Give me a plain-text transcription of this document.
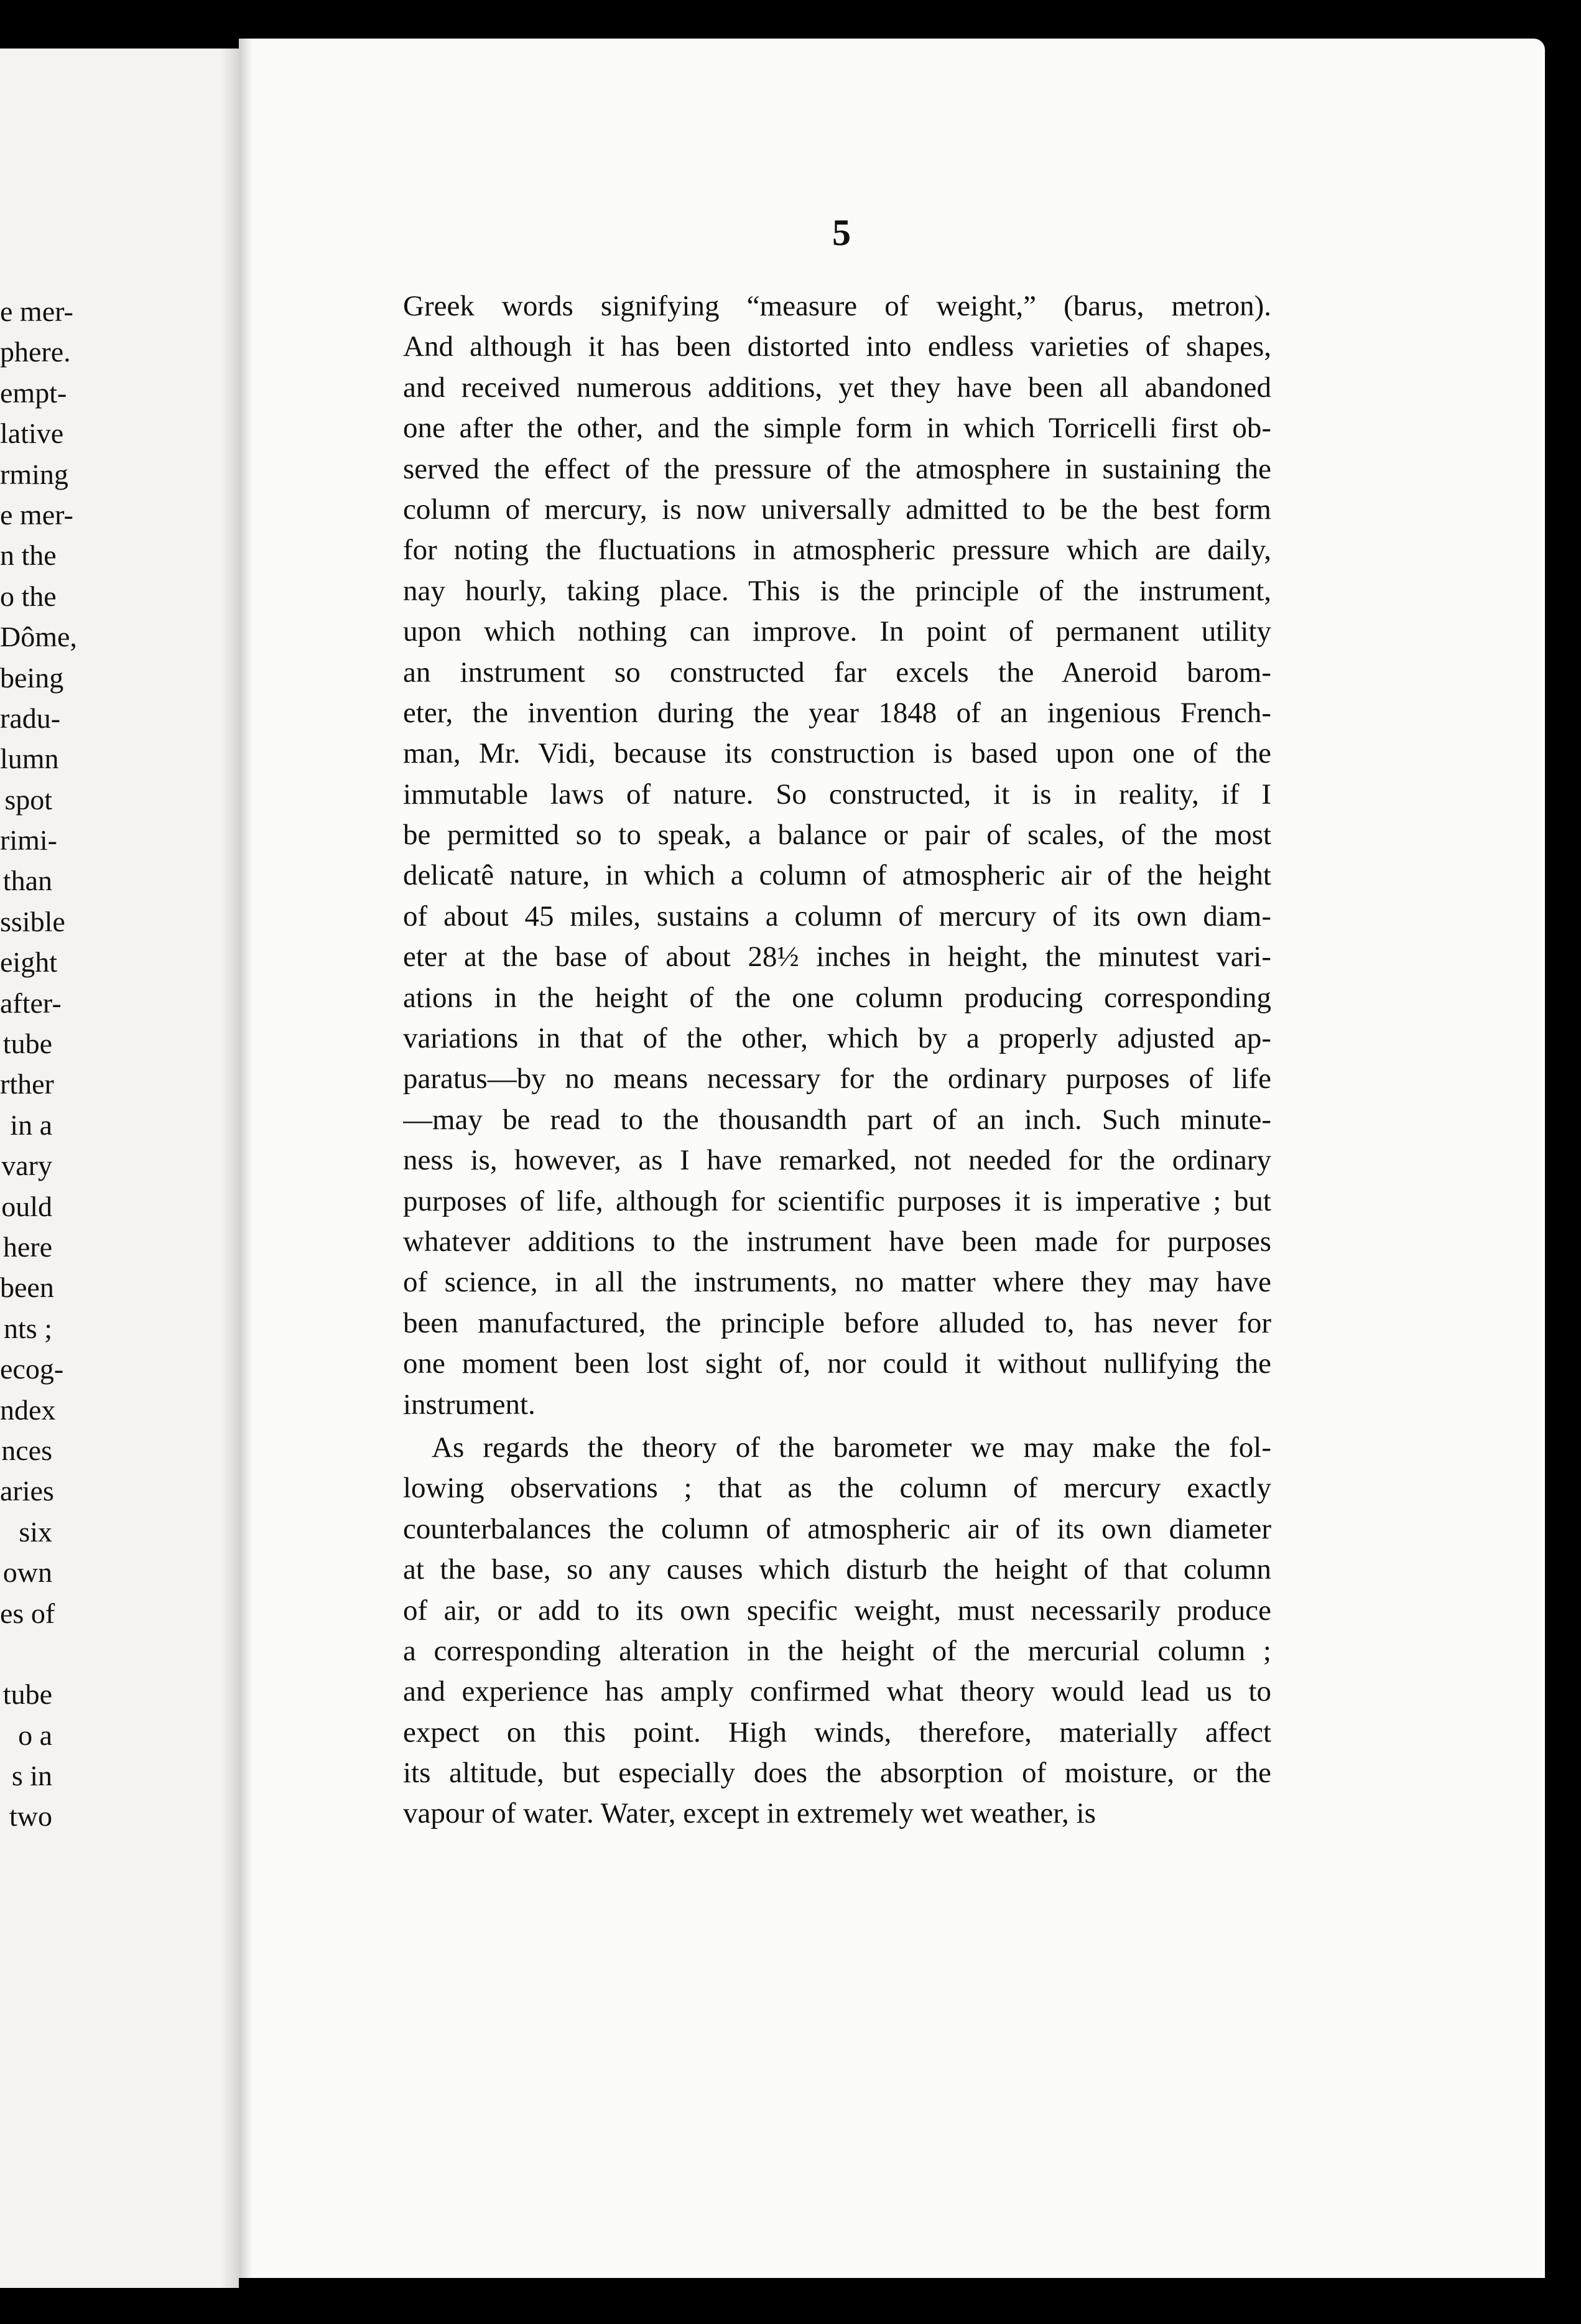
e mer-
phere.
empt-
lative
rming
e mer-
n the
o the
Dôme,
being
radu-
lumn
spot
rimi-
than
ssible
eight
after-
tube
rther
in a
vary
ould
here
been
nts ;
ecog-
ndex
nces
aries
six
own
es of
tube
o a
s in
two
5
Greek words signifying “measure of weight,” (barus, metron).
And although it has been distorted into endless varieties of shapes,
and received numerous additions, yet they have been all abandoned
one after the other, and the simple form in which Torricelli first ob-
served the effect of the pressure of the atmosphere in sustaining the
column of mercury, is now universally admitted to be the best form
for noting the fluctuations in atmospheric pressure which are daily,
nay hourly, taking place. This is the principle of the instrument,
upon which nothing can improve. In point of permanent utility
an instrument so constructed far excels the Aneroid barom-
eter, the invention during the year 1848 of an ingenious French-
man, Mr. Vidi, because its construction is based upon one of the
immutable laws of nature. So constructed, it is in reality, if I
be permitted so to speak, a balance or pair of scales, of the most
delicatê nature, in which a column of atmospheric air of the height
of about 45 miles, sustains a column of mercury of its own diam-
eter at the base of about 28½ inches in height, the minutest vari-
ations in the height of the one column producing corresponding
variations in that of the other, which by a properly adjusted ap-
paratus—by no means necessary for the ordinary purposes of life
—may be read to the thousandth part of an inch. Such minute-
ness is, however, as I have remarked, not needed for the ordinary
purposes of life, although for scientific purposes it is imperative ; but
whatever additions to the instrument have been made for purposes
of science, in all the instruments, no matter where they may have
been manufactured, the principle before alluded to, has never for
one moment been lost sight of, nor could it without nullifying the
instrument.
As regards the theory of the barometer we may make the fol-
lowing observations ; that as the column of mercury exactly
counterbalances the column of atmospheric air of its own diameter
at the base, so any causes which disturb the height of that column
of air, or add to its own specific weight, must necessarily produce
a corresponding alteration in the height of the mercurial column ;
and experience has amply confirmed what theory would lead us to
expect on this point. High winds, therefore, materially affect
its altitude, but especially does the absorption of moisture, or the
vapour of water. Water, except in extremely wet weather, is
